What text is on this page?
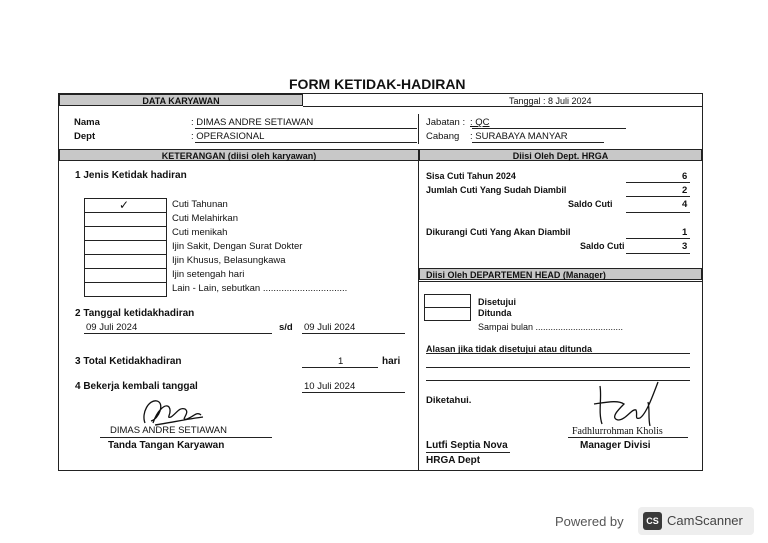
FORM KETIDAK-HADIRAN
DATA KARYAWAN	Tanggal : 8 Juli 2024
Nama	: DIMAS ANDRE SETIAWAN
Dept	: OPERASIONAL
Jabatan : : QC
Cabang : SURABAYA MANYAR
KETERANGAN (diisi oleh karyawan)	Diisi Oleh Dept. HRGA
1 Jenis Ketidak hadiran
✓	Cuti Tahunan
Cuti Melahirkan
Cuti menikah
Ijin Sakit, Dengan Surat Dokter
Ijin Khusus, Belasungkawa
Ijin setengah hari
Lain - Lain, sebutkan ................................
2 Tanggal ketidakhadiran
09 Juli 2024	s/d 09 Juli 2024
3 Total Ketidakhadiran	1	hari
4 Bekerja kembali tanggal	10 Juli 2024
DIMAS ANDRE SETIAWAN
Tanda Tangan Karyawan
Sisa Cuti Tahun 2024	6
Jumlah Cuti Yang Sudah Diambil	2
Saldo Cuti	4
Dikurangi Cuti Yang Akan Diambil	1
Saldo Cuti	3
Diisi Oleh DEPARTEMEN HEAD (Manager)
Disetujui
Ditunda
Sampai bulan ...................................
Alasan jika tidak disetujui atau ditunda
Diketahui.
Fadhlurrohman Kholis
Manager Divisi
Lutfi Septia Nova
HRGA Dept
Powered by	CS CamScanner
